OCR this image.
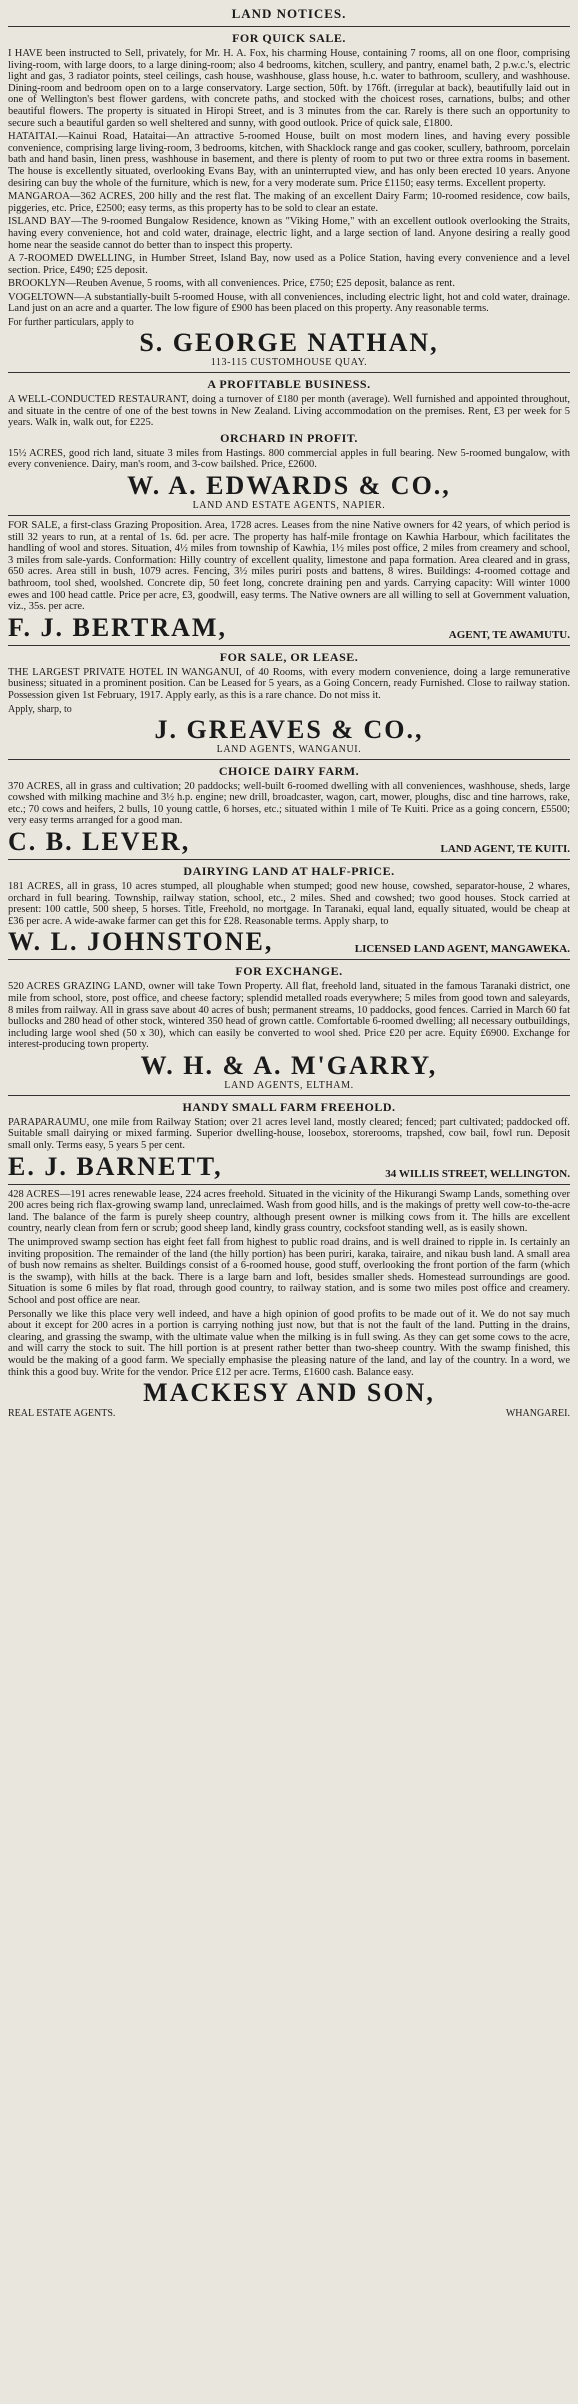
LAND NOTICES.
FOR QUICK SALE.

I HAVE been instructed to Sell, privately, for Mr. H. A. Fox, his charming House, containing 7 rooms, all on one floor, comprising living-room, with large doors, to a large dining-room; also 4 bedrooms, kitchen, scullery, and pantry, enamel bath, 2 p.w.c.'s, electric light and gas, 3 radiator points, steel ceilings, cash house, washhouse, glass house, h.c. water to bathroom, scullery, and washhouse. Dining-room and bedroom open on to a large conservatory. Large section, 50ft. by 176ft. (irregular at back), beautifully laid out in one of Wellington's best flower gardens, with concrete paths, and stocked with the choicest roses, carnations, bulbs; and other beautiful flowers. The property is situated in Hiropi Street, and is 3 minutes from the car. Rarely is there such an opportunity to secure such a beautiful garden so well sheltered and sunny, with good outlook. Price of quick sale, £1800.

HATAITAI.—Kainui Road, Hataitai—An attractive 5-roomed House, built on most modern lines, and having every possible convenience, comprising large living-room, 3 bedrooms, kitchen, with Shacklock range and gas cooker, scullery, bathroom, porcelain bath and hand basin, linen press, washhouse in basement, and there is plenty of room to put two or three extra rooms in basement. The house is excellently situated, overlooking Evans Bay, with an uninterrupted view, and has only been erected 10 years. Anyone desiring can buy the whole of the furniture, which is new, for a very moderate sum. Price £1150; easy terms. Excellent property.

MANGAROA—362 ACRES, 200 hilly and the rest flat. The making of an excellent Dairy Farm; 10-roomed residence, cow bails, piggeries, etc. Price, £2500; easy terms, as this property has to be sold to clear an estate.

ISLAND BAY—The 9-roomed Bungalow Residence, known as "Viking Home," with an excellent outlook overlooking the Straits, having every convenience, hot and cold water, drainage, electric light, and a large section of land. Anyone desiring a really good home near the seaside cannot do better than to inspect this property.

A 7-ROOMED DWELLING, in Humber Street, Island Bay, now used as a Police Station, having every convenience and a level section. Price, £490; £25 deposit.

BROOKLYN—Reuben Avenue, 5 rooms, with all conveniences. Price, £750; £25 deposit, balance as rent.

VOGELTOWN—A substantially-built 5-roomed House, with all conveniences, including electric light, hot and cold water, drainage. Land just on an acre and a quarter. The low figure of £900 has been placed on this property. Any reasonable terms.

For further particulars, apply to

S. GEORGE NATHAN,
113-115 CUSTOMHOUSE QUAY.
A PROFITABLE BUSINESS.

A WELL-CONDUCTED RESTAURANT, doing a turnover of £180 per month (average). Well furnished and appointed throughout, and situate in the centre of one of the best towns in New Zealand. Living accommodation on the premises. Rent, £3 per week for 5 years. Walk in, walk out, for £225.

ORCHARD IN PROFIT.

15½ ACRES, good rich land, situate 3 miles from Hastings. 800 commercial apples in full bearing. New 5-roomed bungalow, with every convenience. Dairy, man's room, and 3-cow bailshed. Price, £2600.

W. A. EDWARDS & CO.,
LAND AND ESTATE AGENTS, NAPIER.

FOR SALE, a first-class Grazing Proposition. Area, 1728 acres. Leases from the nine Native owners for 42 years, of which period is still 32 years to run, at a rental of 1s. 6d. per acre. The property has half-mile frontage on Kawhia Harbour, which facilitates the handling of wool and stores. Situation, 4½ miles from township of Kawhia, 1½ miles post office, 2 miles from creamery and school, 3 miles from sale-yards. Conformation: Hilly country of excellent quality, limestone and papa formation. Area cleared and in grass, 650 acres. Area still in bush, 1079 acres. Fencing, 3½ miles puriri posts and battens, 8 wires. Buildings: 4-roomed cottage and bathroom, tool shed, woolshed. Concrete dip, 50 feet long, concrete draining pen and yards. Carrying capacity: Will winter 1000 ewes and 100 head cattle. Price per acre, £3, goodwill, easy terms. The Native owners are all willing to sell at Government valuation, viz., 35s. per acre.

F. J. BERTRAM,	AGENT, TE AWAMUTU.
FOR SALE, OR LEASE.

THE LARGEST PRIVATE HOTEL IN WANGANUI, of 40 Rooms, with every modern convenience, doing a large remunerative business; situated in a prominent position. Can be Leased for 5 years, as a Going Concern, ready Furnished. Close to railway station. Possession given 1st February, 1917. Apply early, as this is a rare chance. Do not miss it.

Apply, sharp, to

J. GREAVES & CO.,
LAND AGENTS, WANGANUI.
CHOICE DAIRY FARM.

370 ACRES, all in grass and cultivation; 20 paddocks; well-built 6-roomed dwelling with all conveniences, washhouse, sheds, large cowshed with milking machine and 3½ h.p. engine; new drill, broadcaster, wagon, cart, mower, ploughs, disc and tine harrows, rake, etc.; 70 cows and heifers, 2 bulls, 10 young cattle, 6 horses, etc.; situated within 1 mile of Te Kuiti. Price as a going concern, £5500; very easy terms arranged for a good man.

C. B. LEVER,	LAND AGENT, TE KUITI.
DAIRYING LAND AT HALF-PRICE.

181 ACRES, all in grass, 10 acres stumped, all ploughable when stumped; good new house, cowshed, separator-house, 2 whares, orchard in full bearing. Township, railway station, school, etc., 2 miles. Shed and cowshed; two good houses. Stock carried at present: 100 cattle, 500 sheep, 5 horses. Title, Freehold, no mortgage. In Taranaki, equal land, equally situated, would be cheap at £36 per acre. A wide-awake farmer can get this for £28. Reasonable terms. Apply sharp, to

W. L. JOHNSTONE,	LICENSED LAND AGENT, MANGAWEKA.
FOR EXCHANGE.

520 ACRES GRAZING LAND, owner will take Town Property. All flat, freehold land, situated in the famous Taranaki district, one mile from school, store, post office, and cheese factory; splendid metalled roads everywhere; 5 miles from good town and saleyards, 8 miles from railway. All in grass save about 40 acres of bush; permanent streams, 10 paddocks, good fences. Carried in March 60 fat bullocks and 280 head of other stock, wintered 350 head of grown cattle. Comfortable 6-roomed dwelling; all necessary outbuildings, including large wool shed (50 x 30), which can easily be converted to wool shed. Price £20 per acre. Equity £6900. Exchange for interest-producing town property.

W. H. & A. M'GARRY,
LAND AGENTS, ELTHAM.
HANDY SMALL FARM FREEHOLD.

PARAPARAUMU, one mile from Railway Station; over 21 acres level land, mostly cleared; fenced; part cultivated; paddocked off. Suitable small dairying or mixed farming. Superior dwelling-house, loosebox, storerooms, trapshed, cow bail, fowl run. Deposit small only. Terms easy, 5 years 5 per cent.

E. J. BARNETT,	34 WILLIS STREET, WELLINGTON.

428 ACRES—191 acres renewable lease, 224 acres freehold. Situated in the vicinity of the Hikurangi Swamp Lands, something over 200 acres being rich flax-growing swamp land, unreclaimed. Wash from good hills, and is the makings of pretty well cow-to-the-acre land. The balance of the farm is purely sheep country, although present owner is milking cows from it. The hills are excellent country, nearly clean from fern or scrub; good sheep land, kindly grass country, cocksfoot standing well, as is easily shown.

The unimproved swamp section has eight feet fall from highest to public road drains, and is well drained to ripple in. Is certainly an inviting proposition. The remainder of the land (the hilly portion) has been puriri, karaka, tairaire, and nikau bush land. A small area of bush now remains as shelter. Buildings consist of a 6-roomed house, good stuff, overlooking the front portion of the farm (which is the swamp), with hills at the back. There is a large barn and loft, besides smaller sheds. Homestead surroundings are good. Situation is some 6 miles by flat road, through good country, to railway station, and is some two miles post office and creamery. School and post office are near.

Personally we like this place very well indeed, and have a high opinion of good profits to be made out of it. We do not say much about it except for 200 acres in a portion is carrying nothing just now, but that is not the fault of the land. Putting in the drains, clearing, and grassing the swamp, with the ultimate value when the milking is in full swing. As they can get some cows to the acre, and will carry the stock to suit. The hill portion is at present rather better than two-sheep country. With the swamp finished, this would be the making of a good farm. We specially emphasise the pleasing nature of the land, and lay of the country. In a word, we think this a good buy. Write for the vendor. Price £12 per acre. Terms, £1600 cash. Balance easy.

MACKESY AND SON,
REAL ESTATE AGENTS.	WHANGAREI.
